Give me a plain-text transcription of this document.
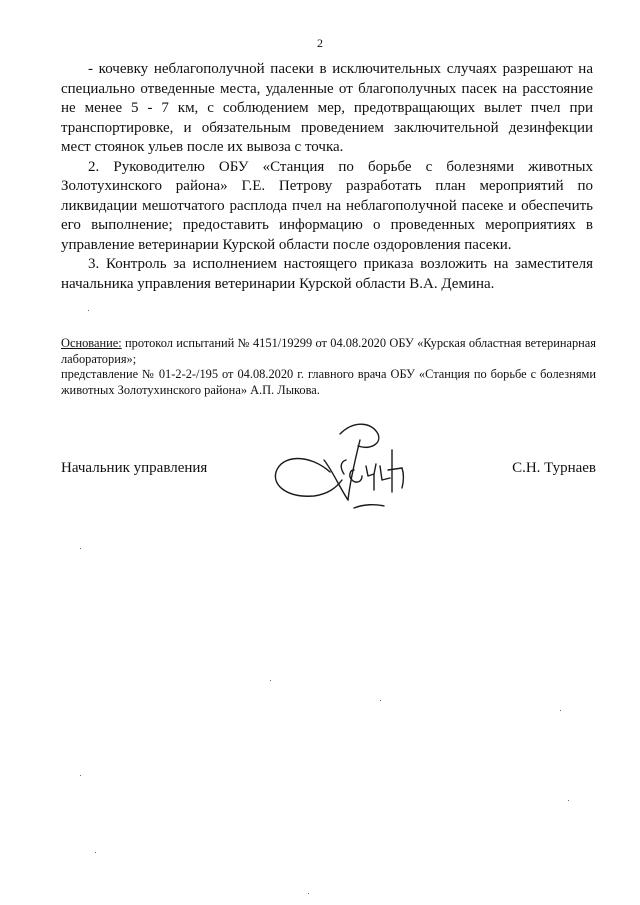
2

- кочевку неблагополучной пасеки в исключительных случаях разрешают на специально отведенные места, удаленные от благополучных пасек на расстояние не менее 5 - 7 км, с соблюдением мер, предотвращающих вылет пчел при транспортировке, и обязательным проведением заключительной дезинфекции мест стоянок ульев после их вывоза с точка.

2. Руководителю ОБУ «Станция по борьбе с болезнями животных Золотухинского района» Г.Е. Петрову разработать план мероприятий по ликвидации мешотчатого расплода пчел на неблагополучной пасеке и обеспечить его выполнение; предоставить информацию о проведенных мероприятиях в управление ветеринарии Курской области после оздоровления пасеки.

3. Контроль за исполнением настоящего приказа возложить на заместителя начальника управления ветеринарии Курской области В.А. Демина.

Основание: протокол испытаний № 4151/19299 от 04.08.2020 ОБУ «Курская областная ветеринарная лаборатория»;

представление № 01-2-2-/195 от 04.08.2020 г. главного врача ОБУ «Станция по борьбе с болезнями животных Золотухинского района» А.П. Лыкова.

Начальник управления	С.Н. Турнаев
